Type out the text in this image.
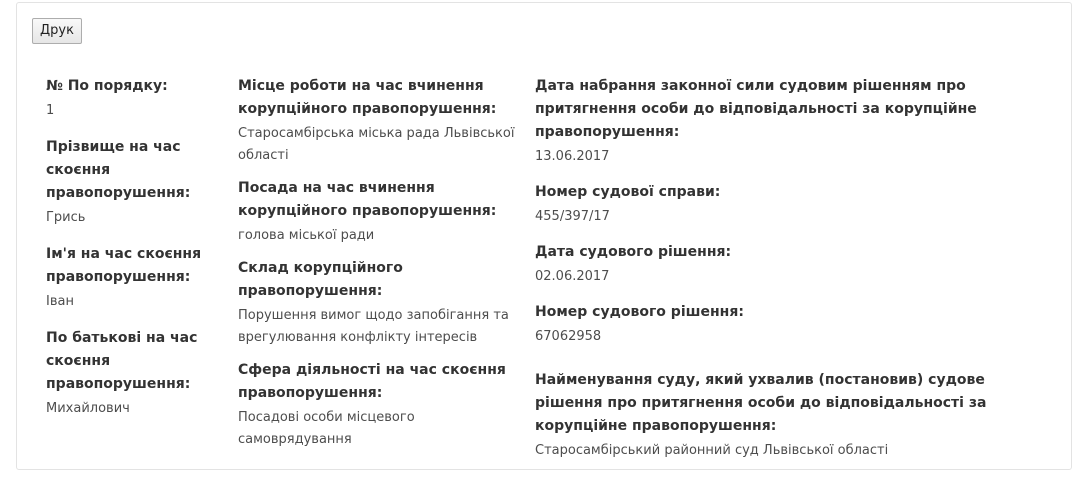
Друк

№ По порядку:

1

Прізвище на час скоєння правопорушення:

Грись

Ім'я на час скоєння правопорушення:

Іван

По батькові на час скоєння правопорушення:

Михайлович

Місце роботи на час вчинення корупційного правопорушення:

Старосамбірська міська рада Львівської області

Посада на час вчинення корупційного правопорушення:

голова міської ради

Склад корупційного правопорушення:

Порушення вимог щодо запобігання та врегулювання конфлікту інтересів

Сфера діяльності на час скоєння правопорушення:

Посадові особи місцевого самоврядування

Дата набрання законної сили судовим рішенням про притягнення особи до відповідальності за корупційне правопорушення:

13.06.2017

Номер судової справи:

455/397/17

Дата судового рішення:

02.06.2017

Номер судового рішення:

67062958

Найменування суду, який ухвалив (постановив) судове рішення про притягнення особи до відповідальності за корупційне правопорушення:

Старосамбірський районний суд Львівської області
